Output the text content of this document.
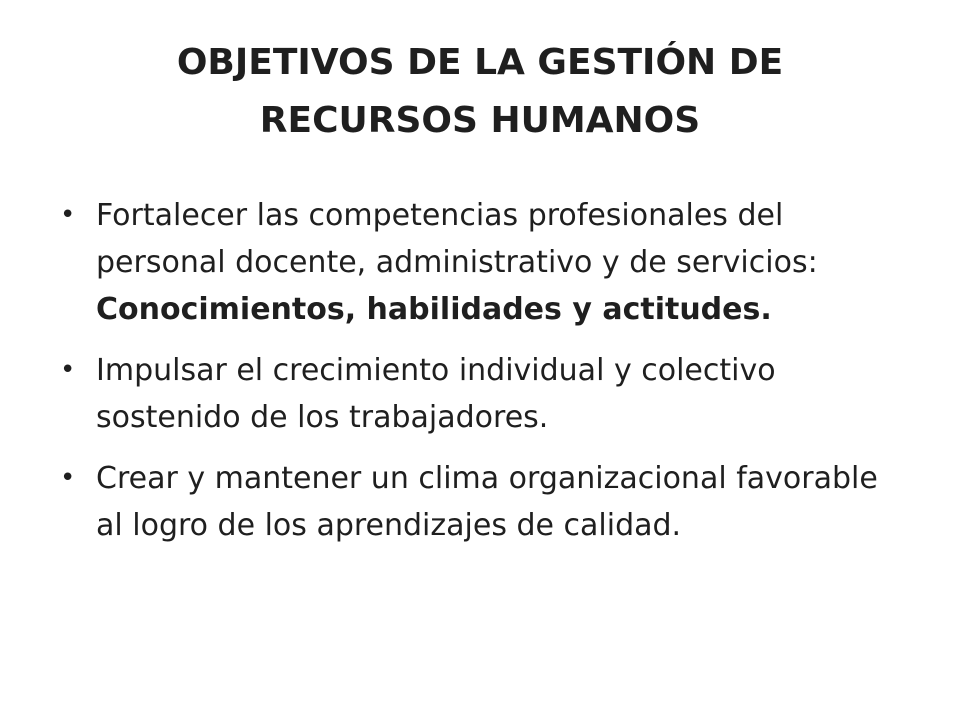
OBJETIVOS DE LA GESTIÓN DE
RECURSOS HUMANOS
• Fortalecer las competencias profesionales del personal docente, administrativo y de servicios: Conocimientos, habilidades y actitudes.
• Impulsar el crecimiento individual y colectivo sostenido de los trabajadores.
• Crear y mantener un clima organizacional favorable al logro de los aprendizajes de calidad.
